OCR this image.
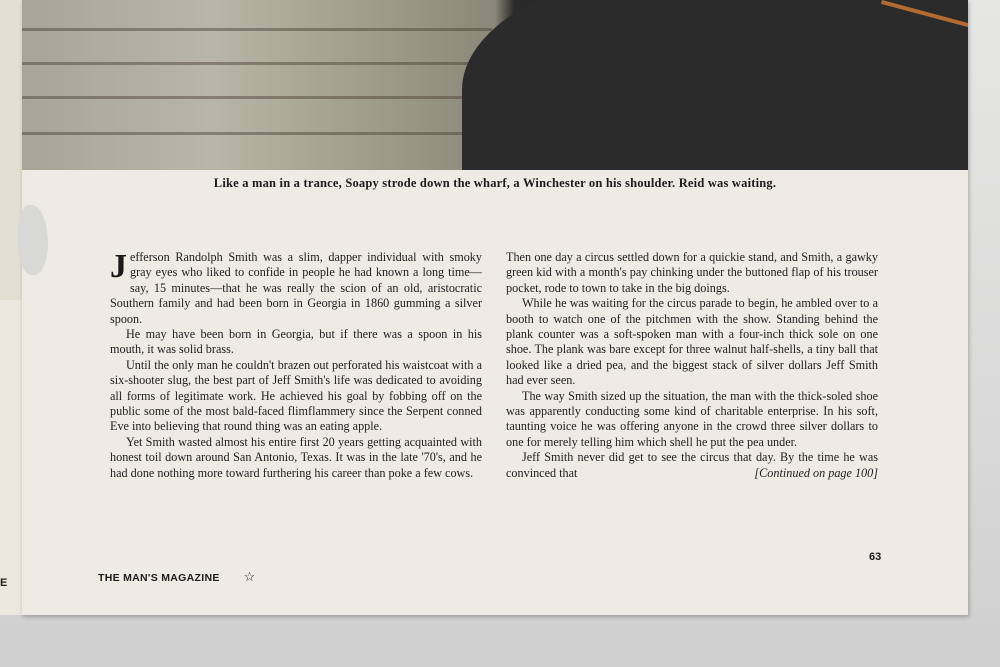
E
Like a man in a trance, Soapy strode down the wharf, a Winchester on his shoulder. Reid was waiting.

Jefferson Randolph Smith was a slim, dapper individual with smoky gray eyes who liked to confide in people he had known a long time—say, 15 minutes—that he was really the scion of an old, aristocratic Southern family and had been born in Georgia in 1860 gumming a silver spoon.

He may have been born in Georgia, but if there was a spoon in his mouth, it was solid brass.

Until the only man he couldn't brazen out perforated his waistcoat with a six-shooter slug, the best part of Jeff Smith's life was dedicated to avoiding all forms of legitimate work. He achieved his goal by fobbing off on the public some of the most bald-faced flimflammery since the Serpent conned Eve into believing that round thing was an eating apple.

Yet Smith wasted almost his entire first 20 years getting acquainted with honest toil down around San Antonio, Texas. It was in the late '70's, and he had done nothing more toward furthering his career than poke a few cows.

Then one day a circus settled down for a quickie stand, and Smith, a gawky green kid with a month's pay chinking under the buttoned flap of his trouser pocket, rode to town to take in the big doings.

While he was waiting for the circus parade to begin, he ambled over to a booth to watch one of the pitchmen with the show. Standing behind the plank counter was a soft-spoken man with a four-inch thick sole on one shoe. The plank was bare except for three walnut half-shells, a tiny ball that looked like a dried pea, and the biggest stack of silver dollars Jeff Smith had ever seen.

The way Smith sized up the situation, the man with the thick-soled shoe was apparently conducting some kind of charitable enterprise. In his soft, taunting voice he was offering anyone in the crowd three silver dollars to one for merely telling him which shell he put the pea under.

Jeff Smith never did get to see the circus that day. By the time he was convinced that	[Continued on page 100]

THE MAN'S MAGAZINE ☆
63
